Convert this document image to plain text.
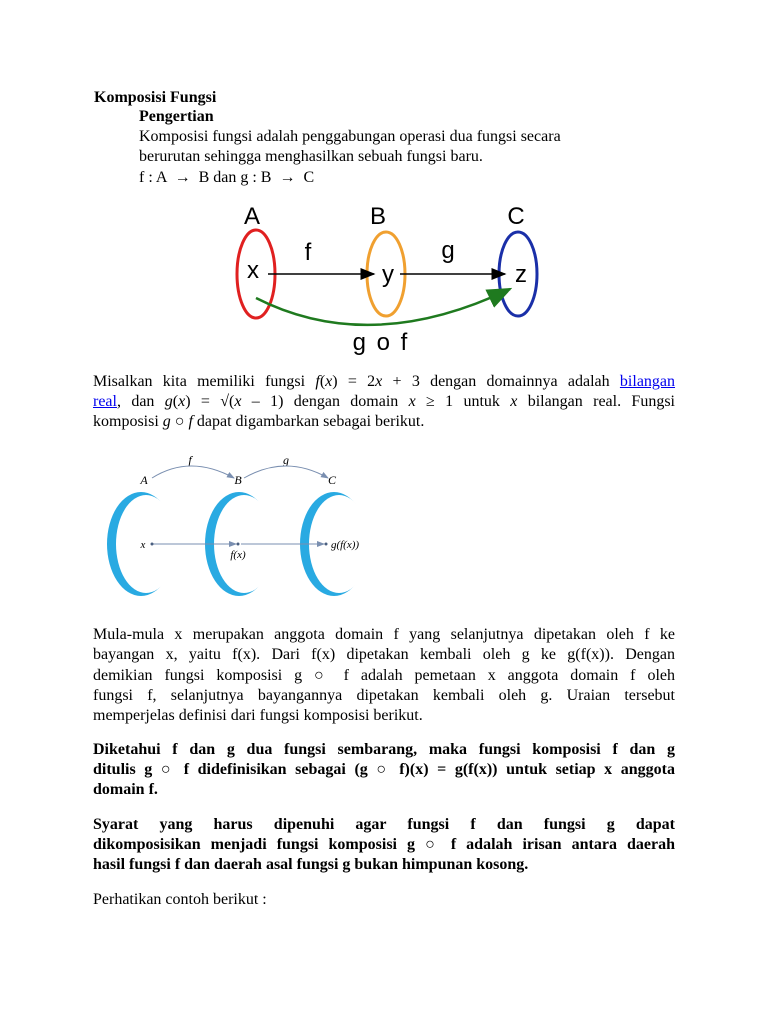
Komposisi Fungsi
Pengertian
Komposisi fungsi adalah penggabungan operasi dua fungsi secara
berurutan sehingga menghasilkan sebuah fungsi baru.
f : A → B dan g : B → C
A	B	C
x	y	z
f	g
g o f
Misalkan kita memiliki fungsi f(x) = 2x + 3 dengan domainnya adalah bilangan
real, dan g(x) = √(x – 1) dengan domain x ≥ 1 untuk x bilangan real. Fungsi
komposisi g ○ f dapat digambarkan sebagai berikut.
f	g
A	B	C
x
f(x)
g(f(x))
Mula-mula x merupakan anggota domain f yang selanjutnya dipetakan oleh f ke
bayangan x, yaitu f(x). Dari f(x) dipetakan kembali oleh g ke g(f(x)). Dengan
demikian fungsi komposisi g ○ f adalah pemetaan x anggota domain f oleh
fungsi f, selanjutnya bayangannya dipetakan kembali oleh g. Uraian tersebut
memperjelas definisi dari fungsi komposisi berikut.
Diketahui f dan g dua fungsi sembarang, maka fungsi komposisi f dan g
ditulis g ○ f didefinisikan sebagai (g ○ f)(x) = g(f(x)) untuk setiap x anggota
domain f.
Syarat yang harus dipenuhi agar fungsi f dan fungsi g dapat
dikomposisikan menjadi fungsi komposisi g ○ f adalah irisan antara daerah
hasil fungsi f dan daerah asal fungsi g bukan himpunan kosong.
Perhatikan contoh berikut :
